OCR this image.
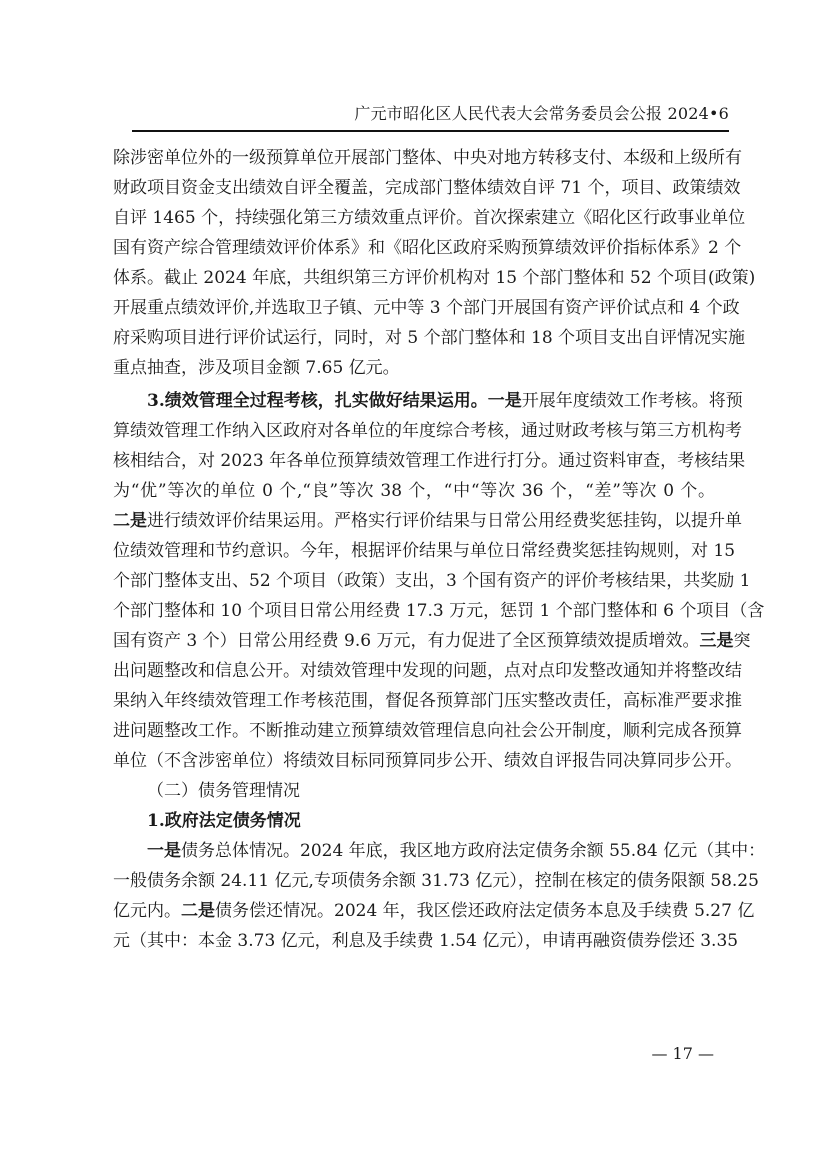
广元市昭化区人民代表大会常务委员会公报 2024•6
除涉密单位外的一级预算单位开展部门整体、中央对地方转移支付、本级和上级所有
财政项目资金支出绩效自评全覆盖，完成部门整体绩效自评 71 个，项目、政策绩效
自评 1465 个，持续强化第三方绩效重点评价。首次探索建立《昭化区行政事业单位
国有资产综合管理绩效评价体系》和《昭化区政府采购预算绩效评价指标体系》2 个
体系。截止 2024 年底，共组织第三方评价机构对 15 个部门整体和 52 个项目(政策)
开展重点绩效评价,并选取卫子镇、元中等 3 个部门开展国有资产评价试点和 4 个政
府采购项目进行评价试运行，同时，对 5 个部门整体和 18 个项目支出自评情况实施
重点抽查，涉及项目金额 7.65 亿元。
3.绩效管理全过程考核，扎实做好结果运用。一是开展年度绩效工作考核。将预
算绩效管理工作纳入区政府对各单位的年度综合考核，通过财政考核与第三方机构考
核相结合，对 2023 年各单位预算绩效管理工作进行打分。通过资料审查，考核结果
为“优”等次的单位 0 个,“良”等次 38 个，“中“等次 36 个，“差”等次 0 个。
二是进行绩效评价结果运用。严格实行评价结果与日常公用经费奖惩挂钩，以提升单
位绩效管理和节约意识。今年，根据评价结果与单位日常经费奖惩挂钩规则，对 15
个部门整体支出、52 个项目（政策）支出，3 个国有资产的评价考核结果，共奖励 1
个部门整体和 10 个项目日常公用经费 17.3 万元，惩罚 1 个部门整体和 6 个项目（含
国有资产 3 个）日常公用经费 9.6 万元，有力促进了全区预算绩效提质增效。三是突
出问题整改和信息公开。对绩效管理中发现的问题，点对点印发整改通知并将整改结
果纳入年终绩效管理工作考核范围，督促各预算部门压实整改责任，高标准严要求推
进问题整改工作。不断推动建立预算绩效管理信息向社会公开制度，顺利完成各预算
单位（不含涉密单位）将绩效目标同预算同步公开、绩效自评报告同决算同步公开。
（二）债务管理情况
1.政府法定债务情况
一是债务总体情况。2024 年底，我区地方政府法定债务余额 55.84 亿元（其中：
一般债务余额 24.11 亿元,专项债务余额 31.73 亿元），控制在核定的债务限额 58.25
亿元内。二是债务偿还情况。2024 年，我区偿还政府法定债务本息及手续费 5.27 亿
元（其中：本金 3.73 亿元，利息及手续费 1.54 亿元），申请再融资债券偿还 3.35
— 17 —
